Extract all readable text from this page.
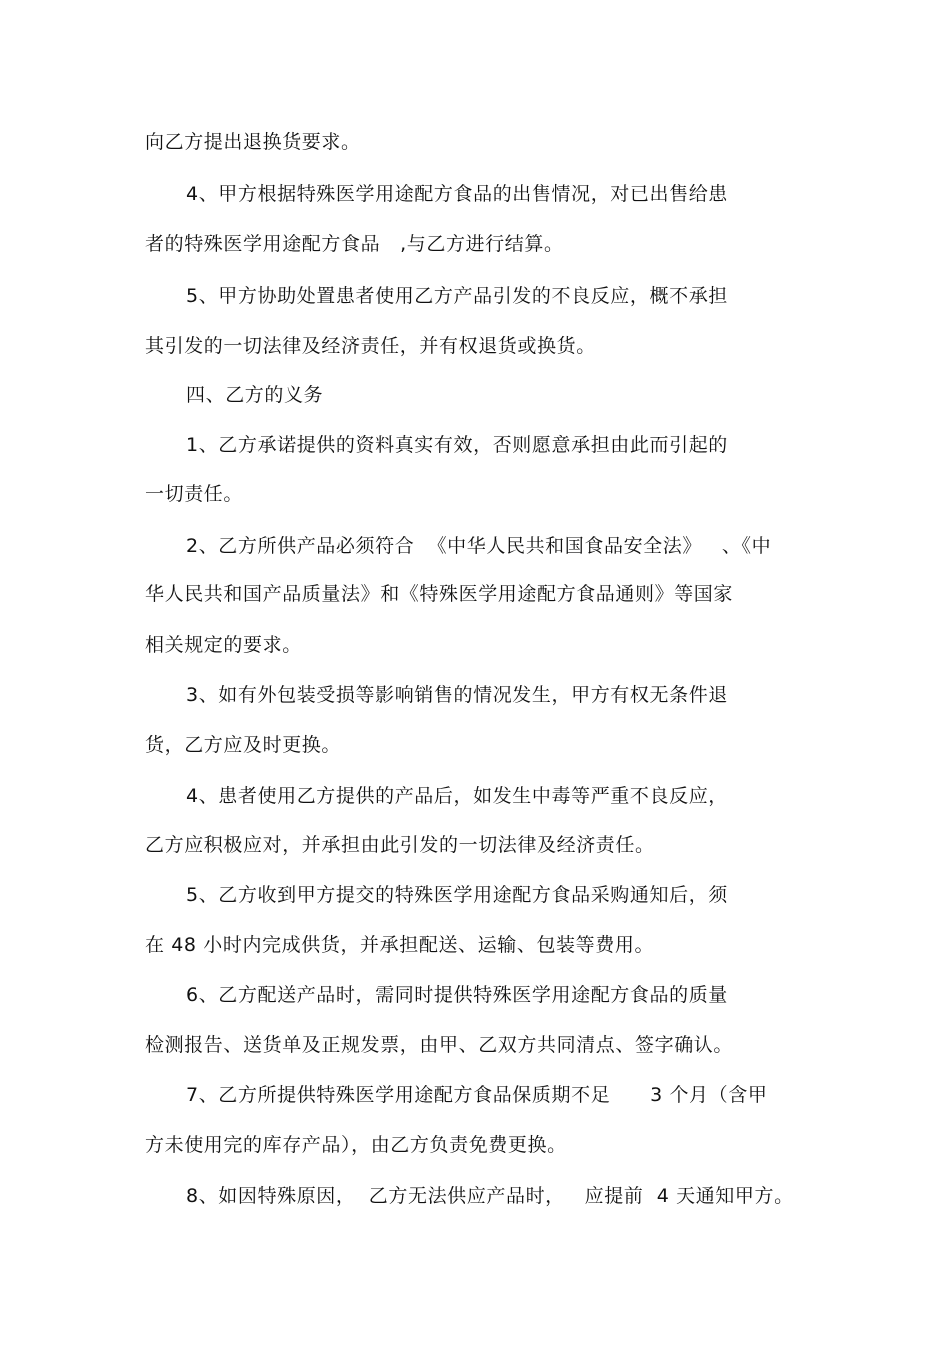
向乙方提出退换货要求。
4、甲方根据特殊医学用途配方食品的出售情况，对已出售给患
者的特殊医学用途配方食品   ,与乙方进行结算。
5、甲方协助处置患者使用乙方产品引发的不良反应，概不承担
其引发的一切法律及经济责任，并有权退货或换货。
四、乙方的义务
1、乙方承诺提供的资料真实有效，否则愿意承担由此而引起的
一切责任。
2、乙方所供产品必须符合  《中华人民共和国食品安全法》   、《中
华人民共和国产品质量法》和《特殊医学用途配方食品通则》等国家
相关规定的要求。
3、如有外包装受损等影响销售的情况发生，甲方有权无条件退
货，乙方应及时更换。
4、患者使用乙方提供的产品后，如发生中毒等严重不良反应，
乙方应积极应对，并承担由此引发的一切法律及经济责任。
5、乙方收到甲方提交的特殊医学用途配方食品采购通知后，须
在 48 小时内完成供货，并承担配送、运输、包装等费用。
6、乙方配送产品时，需同时提供特殊医学用途配方食品的质量
检测报告、送货单及正规发票，由甲、乙双方共同清点、签字确认。
7、乙方所提供特殊医学用途配方食品保质期不足      3 个月（含甲
方未使用完的库存产品），由乙方负责免费更换。
8、如因特殊原因，  乙方无法供应产品时，   应提前  4 天通知甲方。
